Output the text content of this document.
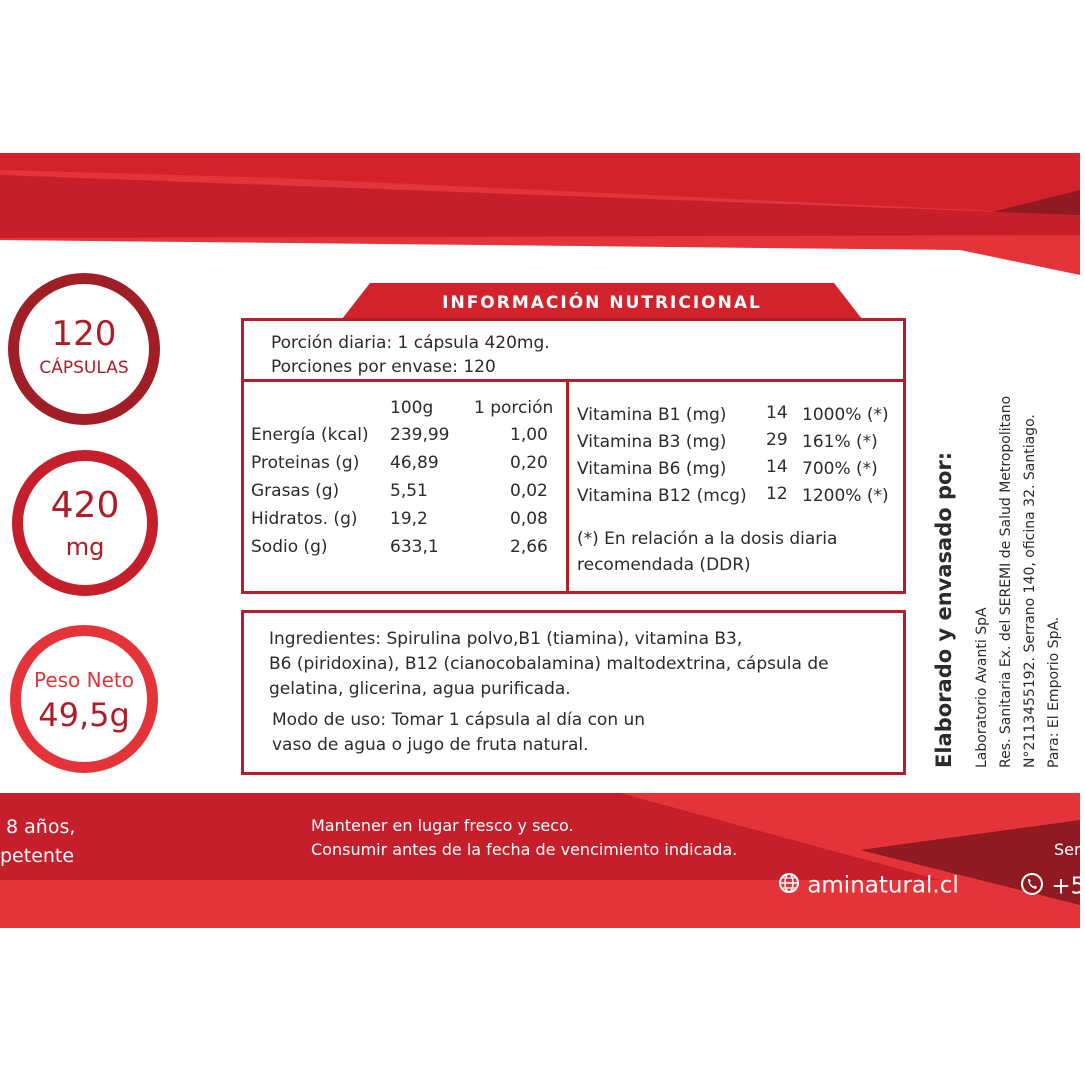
120
CÁPSULAS
420
mg
Peso Neto
49,5g
INFORMACIÓN NUTRICIONAL
Porción diaria: 1 cápsula 420mg.
Porciones por envase: 120
100g 1 porción
Energía (kcal) 239,99	1,00
Proteinas (g) 46,89	0,20
Grasas (g)	5,51	0,02
Hidratos. (g) 19,2	0,08
Sodio (g)	633,1	2,66
Vitamina B1 (mg) 14 1000% (*)
Vitamina B3 (mg) 29 161% (*)
Vitamina B6 (mg) 14 700% (*)
Vitamina B12 (mcg) 12 1200% (*)
(*) En relación a la dosis diaria
recomendada (DDR)
Ingredientes: Spirulina polvo,B1 (tiamina), vitamina B3,
B6 (piridoxina), B12 (cianocobalamina) maltodextrina, cápsula de
gelatina, glicerina, agua purificada.
Modo de uso: Tomar 1 cápsula al día con un
vaso de agua o jugo de fruta natural.	Elaborado y envasado por: Laboratorio Avanti SpA Res. Sanitaria Ex. del SEREMI de Salud Metropolitano N°2113455192. Serrano 140, oficina 32. Santiago. Para: El Emporio SpA.
8 años,
petente
Mantener en lugar fresco y seco.
Consumir antes de la fecha de vencimiento indicada.
aminatural.cl
Ser
+5
